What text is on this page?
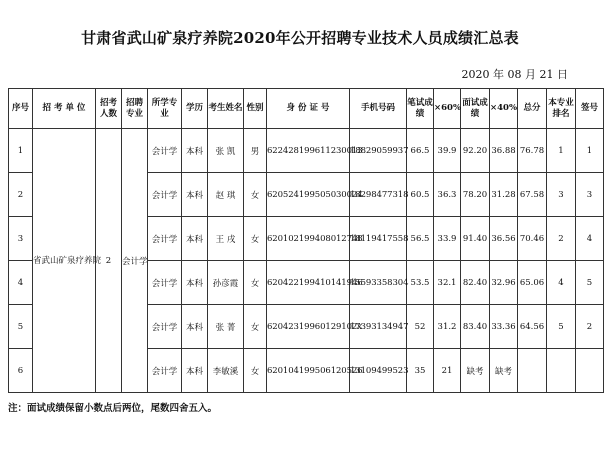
甘肃省武山矿泉疗养院2020年公开招聘专业技术人员成绩汇总表
2020 年 08 月 21 日
序号	招 考 单 位	招考人数	招聘专业	所学专业	学历	考生姓名	性别	身 份 证 号	手机号码	笔试成绩	×60%	面试成绩	×40%	总分	本专业排名	签号
1	省武山矿泉疗养院	2	会计学	会计学	本科	张 凯	男	622428199611230013	18829059937	66.5	39.9	92.20	36.88	76.78	1	1
2				会计学	本科	赵 琪	女	620524199505030024	18298477318	60.5	36.3	78.20	31.28	67.58	3	3
3				会计学	本科	王 戌	女	620102199408012748	18119417558	56.5	33.9	91.40	36.56	70.46	2	4
4				会计学	本科	孙彦霞	女	620422199410141946	15593358304	53.5	32.1	82.40	32.96	65.06	4	5
5				会计学	本科	张 菁	女	62042319960129102x	17393134947	52	31.2	83.40	33.36	64.56	5	2
6				会计学	本科	李敏溪	女	620104199506120526	13109499523	35	21	缺考	缺考			
注：面试成绩保留小数点后两位，尾数四舍五入。
